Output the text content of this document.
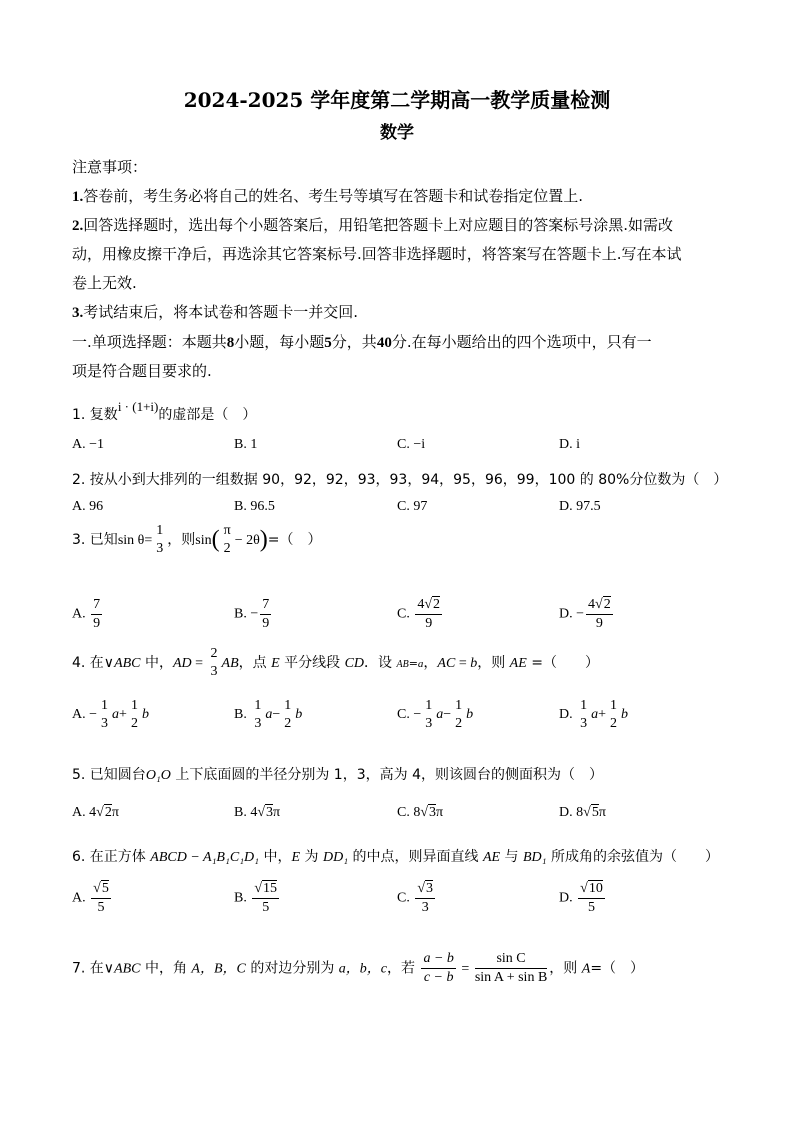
2024-2025 学年度第二学期高一教学质量检测
数学
注意事项：
1.答卷前，考生务必将自己的姓名、考生号等填写在答题卡和试卷指定位置上.
2.回答选择题时，选出每个小题答案后，用铅笔把答题卡上对应题目的答案标号涂黑.如需改
动，用橡皮擦干净后，再选涂其它答案标号.回答非选择题时，将答案写在答题卡上.写在本试
卷上无效.
3.考试结束后，将本试卷和答题卡一并交回.
一.单项选择题：本题共8小题，每小题5分，共40分.在每小题给出的四个选项中，只有一
项是符合题目要求的.
1. 复数i · (1+i)的虚部是（　）
A. −1	B. 1	C. −i	D. i
2. 按从小到大排列的一组数据 90，92，92，93，93，94，95，96，99，100 的 80%分位数为（　）
A. 96	B. 96.5	C. 97	D. 97.5
3. 已知sin θ=
1
3
，则sin( π
2
− 2θ)=（　）
A. $\frac{7}{9}$	B. − $\frac{7}{9}$	C. $\frac{4√2}{9}$	D. − $\frac{4√2}{9}$
4. 在∨ABC 中，AD =
2
3
AB，点 E 平分线段 CD．设 AB=a，AC = b，则 AE =（　　）
A. −
1
3
a+
1
2
b	B.
1
3
a−
1
2
b	C. −
1
3
a−
1
2
b	D.
1
3
a+
1
2
b
5. 已知圆台O₁O 上下底面圆的半径分别为 1，3，高为 4，则该圆台的侧面积为（　）
A. 4√2π	B. 4√3π	C. 8√3π	D. 8√5π
6. 在正方体 ABCD − A₁B₁C₁D₁ 中，E 为 DD₁ 的中点，则异面直线 AE 与 BD₁ 所成角的余弦值为（　　）
A. $\frac{√5}{5}$	B. $\frac{√15}{5}$	C. $\frac{√3}{3}$	D. $\frac{√10}{5}$
7. 在∨ABC 中，角 A，B，C 的对边分别为 a，b，c，若 $\frac{a - b}{c - b} = \frac{\text{sin C}}{\text{sin A + sin B}}$ ，则 A=（　）
